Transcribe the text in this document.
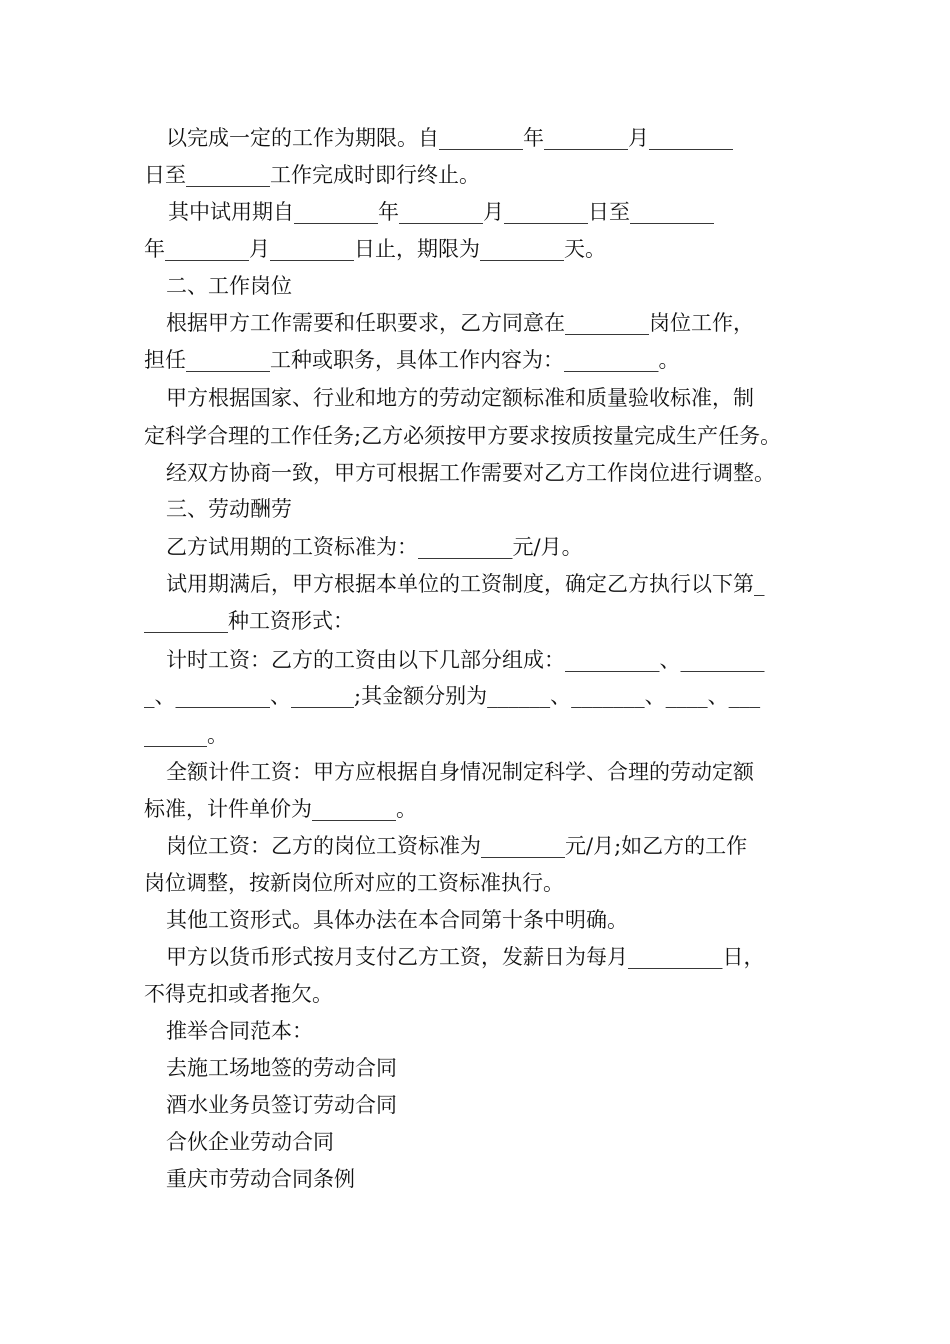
以完成一定的工作为期限。自________年________月________
日至________工作完成时即行终止。
其中试用期自________年________月________日至________
年________月________日止，期限为________天。
二、工作岗位
根据甲方工作需要和任职要求，乙方同意在________岗位工作，
担任________工种或职务，具体工作内容为：_________。
甲方根据国家、行业和地方的劳动定额标准和质量验收标准，制
定科学合理的工作任务;乙方必须按甲方要求按质按量完成生产任务。
经双方协商一致，甲方可根据工作需要对乙方工作岗位进行调整。
三、劳动酬劳
乙方试用期的工资标准为：_________元/月。
试用期满后，甲方根据本单位的工资制度，确定乙方执行以下第_
________种工资形式：
计时工资：乙方的工资由以下几部分组成：_________、________
_、_________、______;其金额分别为______、_______、____、___
______。
全额计件工资：甲方应根据自身情况制定科学、合理的劳动定额
标准，计件单价为________。
岗位工资：乙方的岗位工资标准为________元/月;如乙方的工作
岗位调整，按新岗位所对应的工资标准执行。
其他工资形式。具体办法在本合同第十条中明确。
甲方以货币形式按月支付乙方工资，发薪日为每月_________日，
不得克扣或者拖欠。
推举合同范本：
去施工场地签的劳动合同
酒水业务员签订劳动合同
合伙企业劳动合同
重庆市劳动合同条例
